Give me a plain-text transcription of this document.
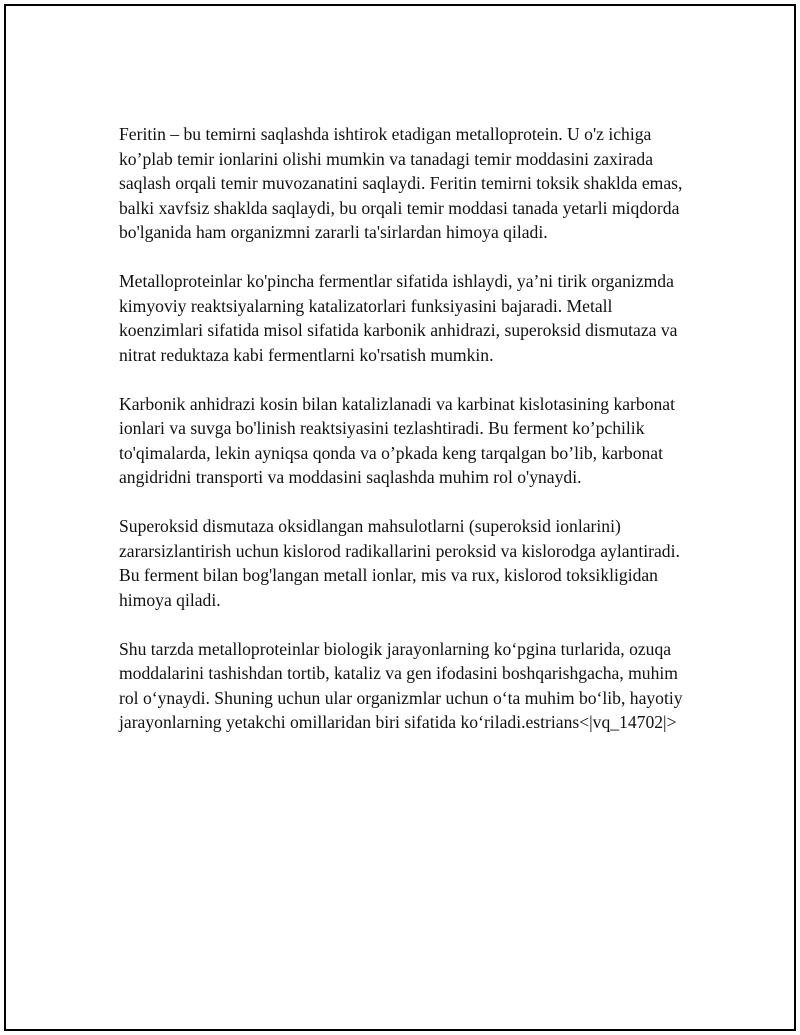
Feritin – bu temirni saqlashda ishtirok etadigan metalloprotein. U o'z ichiga ko’plab temir ionlarini olishi mumkin va tanadagi temir moddasini zaxirada saqlash orqali temir muvozanatini saqlaydi. Feritin temirni toksik shaklda emas, balki xavfsiz shaklda saqlaydi, bu orqali temir moddasi tanada yetarli miqdorda bo'lganida ham organizmni zararli ta'sirlardan himoya qiladi.

Metalloproteinlar ko'pincha fermentlar sifatida ishlaydi, ya’ni tirik organizmda kimyoviy reaktsiyalarning katalizatorlari funksiyasini bajaradi. Metall koenzimlari sifatida misol sifatida karbonik anhidrazi, superoksid dismutaza va nitrat reduktaza kabi fermentlarni ko'rsatish mumkin.

Karbonik anhidrazi kosin bilan katalizlanadi va karbinat kislotasining karbonat ionlari va suvga bo'linish reaktsiyasini tezlashtiradi. Bu ferment ko’pchilik to'qimalarda, lekin ayniqsa qonda va o’pkada keng tarqalgan bo’lib, karbonat angidridni transporti va moddasini saqlashda muhim rol o'ynaydi.

Superoksid dismutaza oksidlangan mahsulotlarni (superoksid ionlarini) zararsizlantirish uchun kislorod radikallarini peroksid va kislorodga aylantiradi. Bu ferment bilan bog'langan metall ionlar, mis va rux, kislorod toksikligidan himoya qiladi.

Shu tarzda metalloproteinlar biologik jarayonlarning ko‘pgina turlarida, ozuqa moddalarini tashishdan tortib, kataliz va gen ifodasini boshqarishgacha, muhim rol o‘ynaydi. Shuning uchun ular organizmlar uchun o‘ta muhim bo‘lib, hayotiy jarayonlarning yetakchi omillaridan biri sifatida ko‘riladi.estrians<|vq_14702|>
